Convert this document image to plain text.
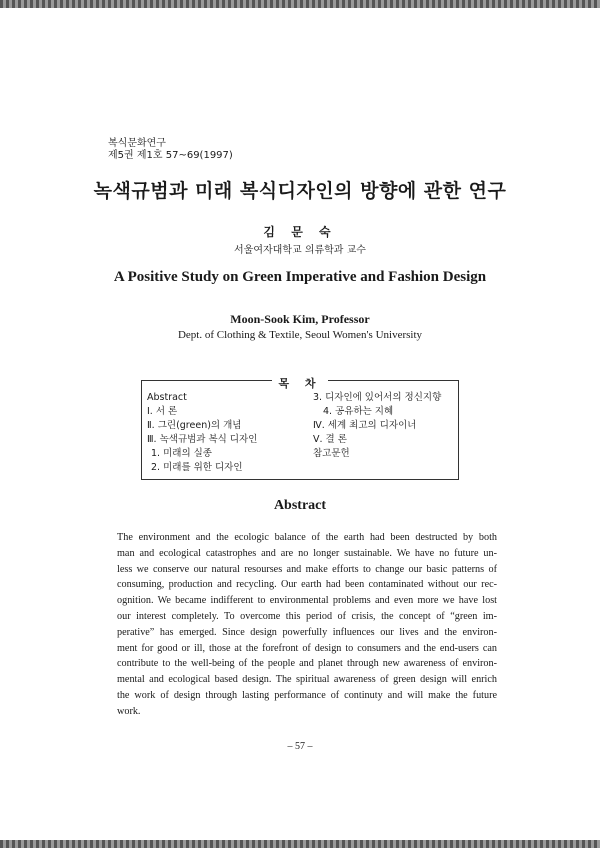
복식문화연구
제5권 제1호 57~69(1997)
녹색규범과 미래 복식디자인의 방향에 관한 연구
김 문 숙
서울여자대학교 의류학과 교수
A Positive Study on Green Imperative and Fashion Design
Moon-Sook Kim, Professor
Dept. of Clothing & Textile, Seoul Women's University
목 차
Abstract
Ⅰ. 서 론
Ⅱ. 그린(green)의 개념
Ⅲ. 녹색규범과 복식 디자인
1. 미래의 실종
2. 미래를 위한 디자인
3. 디자인에 있어서의 정신지향
4. 공유하는 지혜
Ⅳ. 세계 최고의 디자이너
Ⅴ. 결 론
참고문헌
Abstract
The environment and the ecologic balance of the earth had been destructed by both
man and ecological catastrophes and are no longer sustainable. We have no future un-
less we conserve our natural resourses and make efforts to change our basic patterns of
consuming, production and recycling. Our earth had been contaminated without our rec-
ognition. We became indifferent to environmental problems and even more we have lost
our interest completely. To overcome this period of crisis, the concept of “green im-
perative” has emerged. Since design powerfully influences our lives and the environ-
ment for good or ill, those at the forefront of design to consumers and the end-users can
contribute to the well-being of the people and planet through new awareness of environ-
mental and ecological based design. The spiritual awareness of green design will enrich
the work of design through lasting performance of continuty and will make the future
work.
– 57 –
